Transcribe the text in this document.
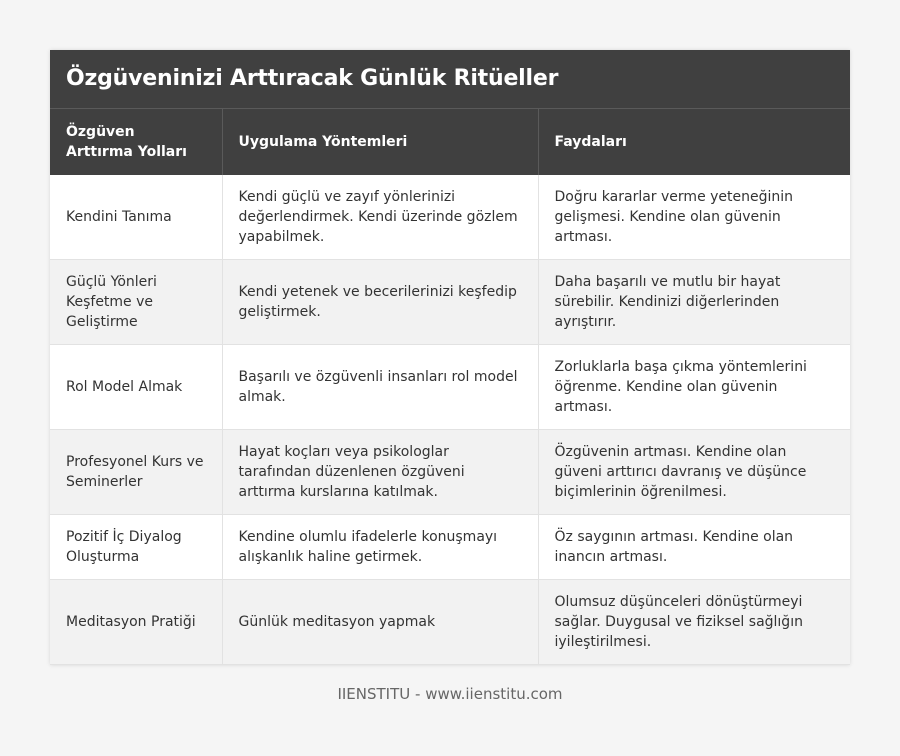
Özgüveninizi Arttıracak Günlük Ritüeller
Özgüven Arttırma Yolları	Uygulama Yöntemleri	Faydaları
Kendini Tanıma	Kendi güçlü ve zayıf yönlerinizi değerlendirmek. Kendi üzerinde gözlem yapabilmek.	Doğru kararlar verme yeteneğinin gelişmesi. Kendine olan güvenin artması.
Güçlü Yönleri Keşfetme ve Geliştirme	Kendi yetenek ve becerilerinizi keşfedip geliştirmek.	Daha başarılı ve mutlu bir hayat sürebilir. Kendinizi diğerlerinden ayrıştırır.
Rol Model Almak	Başarılı ve özgüvenli insanları rol model almak.	Zorluklarla başa çıkma yöntemlerini öğrenme. Kendine olan güvenin artması.
Profesyonel Kurs ve Seminerler	Hayat koçları veya psikologlar tarafından düzenlenen özgüveni arttırma kurslarına katılmak.	Özgüvenin artması. Kendine olan güveni arttırıcı davranış ve düşünce biçimlerinin öğrenilmesi.
Pozitif İç Diyalog Oluşturma	Kendine olumlu ifadelerle konuşmayı alışkanlık haline getirmek.	Öz saygının artması. Kendine olan inancın artması.
Meditasyon Pratiği	Günlük meditasyon yapmak	Olumsuz düşünceleri dönüştürmeyi sağlar. Duygusal ve fiziksel sağlığın iyileştirilmesi.
IIENSTITU - www.iienstitu.com
